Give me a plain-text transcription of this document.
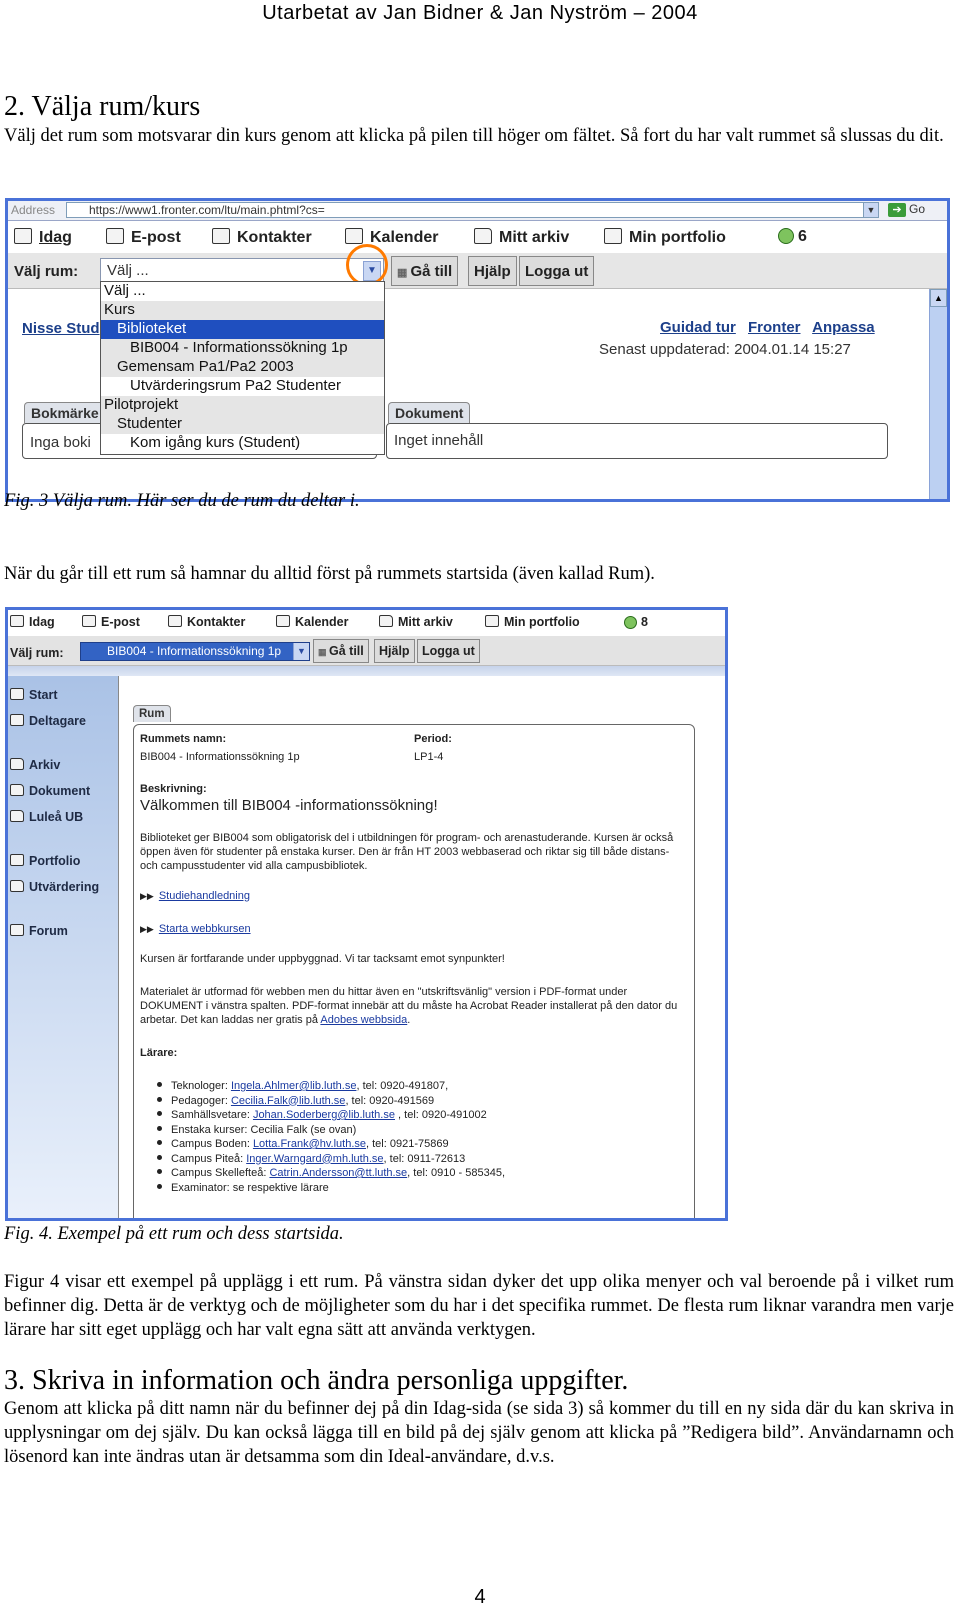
Utarbetat av Jan Bidner & Jan Nyström – 2004
2. Välja rum/kurs
Välj det rum som motsvarar din kurs genom att klicka på pilen till höger om fältet. Så fort du har valt rummet så slussas du dit.
Address	https://www1.fronter.com/ltu/main.phtml?cs=	▼	➔ Go
Idag	E-post	Kontakter	Kalender	Mitt arkiv	Min portfolio	6
Välj rum:	Välj ...	▼	▦ Gå till	Hjälp Logga ut
Välj ...
Kurs
Biblioteket
BIB004 - Informationssökning 1p
Gemensam Pa1/Pa2 2003
Utvärderingsrum Pa2 Studenter
Pilotprojekt
Studenter
Kom igång kurs (Student)
Nisse Stud	Guidad tur Fronter Anpassa
Senast uppdaterad: 2004.01.14 15:27
Bokmärke
Inga boki
Dokument
Inget innehåll
▲
Fig. 3 Välja rum. Här ser du de rum du deltar i.
När du går till ett rum så hamnar du alltid först på rummets startsida (även kallad Rum).
Idag	E-post	Kontakter	Kalender	Mitt arkiv	Min portfolio	8
Välj rum:	BIB004 - Informationssökning 1p	▼	▦ Gå till	Hjälp Logga ut
Start
Deltagare
Arkiv
Dokument
Luleå UB
Portfolio
Utvärdering
Forum
Rum
Rummets namn:
BIB004 - Informationssökning 1p
Period:
LP1-4
Beskrivning:
Välkommen till BIB004 -informationssökning!
Biblioteket ger BIB004 som obligatorisk del i utbildningen för program- och arenastuderande. Kursen är också öppen även för studenter på enstaka kurser. Den är från HT 2003 webbaserad och riktar sig till både distans- och campusstudenter vid alla campusbibliotek.
▶▶ Studiehandledning
▶▶ Starta webbkursen
Kursen är fortfarande under uppbyggnad. Vi tar tacksamt emot synpunkter!
Materialet är utformad för webben men du hittar även en "utskriftsvänlig" version i PDF-format under DOKUMENT i vänstra spalten. PDF-format innebär att du måste ha Acrobat Reader installerat på den dator du arbetar. Det kan laddas ner gratis på Adobes webbsida.
Lärare:
Teknologer: Ingela.Ahlmer@lib.luth.se, tel: 0920-491807,
Pedagoger: Cecilia.Falk@lib.luth.se, tel: 0920-491569
Samhällsvetare: Johan.Soderberg@lib.luth.se , tel: 0920-491002
Enstaka kurser: Cecilia Falk (se ovan)
Campus Boden: Lotta.Frank@hv.luth.se, tel: 0921-75869
Campus Piteå: Inger.Warngard@mh.luth.se, tel: 0911-72613
Campus Skellefteå: Catrin.Andersson@tt.luth.se, tel: 0910 - 585345,
Examinator: se respektive lärare
Fig. 4. Exempel på ett rum och dess startsida.
Figur 4 visar ett exempel på upplägg i ett rum. På vänstra sidan dyker det upp olika menyer och val beroende på i vilket rum befinner dig. Detta är de verktyg och de möjligheter som du har i det specifika rummet. De flesta rum liknar varandra men varje lärare har sitt eget upplägg och har valt egna sätt att använda verktygen.
3. Skriva in information och ändra personliga uppgifter.
Genom att klicka på ditt namn när du befinner dej på din Idag-sida (se sida 3) så kommer du till en ny sida där du kan skriva in upplysningar om dej själv. Du kan också lägga till en bild på dej själv genom att klicka på ”Redigera bild”. Användarnamn och lösenord kan inte ändras utan är detsamma som din Ideal-användare, d.v.s.
4
